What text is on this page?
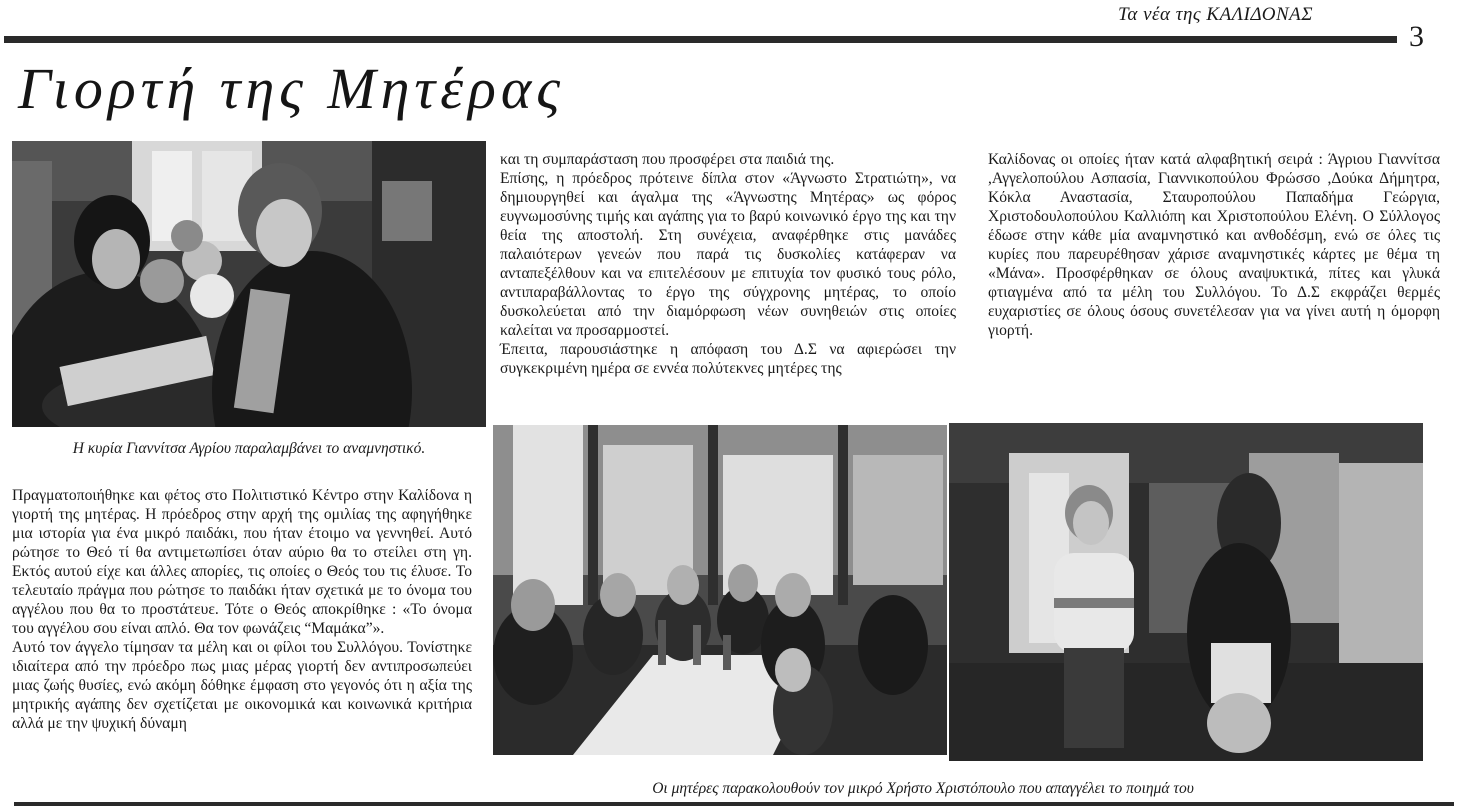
Τα νέα της ΚΑΛΙΔΟΝΑΣ
3
Γιορτή της Μητέρας
Η κυρία Γιαννίτσα Αγρίου παραλαμβάνει το αναμνηστικό.

Πραγματοποιήθηκε και φέτος στο Πολιτιστικό Κέντρο στην Καλίδονα η γιορτή της μητέρας. Η πρόεδρος στην αρχή της ομιλίας της αφηγήθηκε μια ιστορία για ένα μικρό παιδάκι, που ήταν έτοιμο να γεννηθεί. Αυτό ρώτησε το Θεό τί θα αντιμετωπίσει όταν αύριο θα το στείλει στη γη. Εκτός αυτού είχε και άλλες απορίες, τις οποίες ο Θεός του τις έλυσε. Το τελευταίο πράγμα που ρώτησε το παιδάκι ήταν σχετικά με το όνομα του αγγέλου που θα το προστάτευε. Τότε ο Θεός αποκρίθηκε : «Το όνομα του αγγέλου σου είναι απλό. Θα τον φωνάζεις “Μαμάκα”».

Αυτό τον άγγελο τίμησαν τα μέλη και οι φίλοι του Συλλόγου. Τονίστηκε ιδιαίτερα από την πρόεδρο πως μιας μέρας γιορτή δεν αντιπροσωπεύει μιας ζωής θυσίες, ενώ ακόμη δόθηκε έμφαση στο γεγονός ότι η αξία της μητρικής αγάπης δεν σχετίζεται με οικονομικά και κοινωνικά κριτήρια αλλά με την ψυχική δύναμη

και τη συμπαράσταση που προσφέρει στα παιδιά της.

Επίσης, η πρόεδρος πρότεινε δίπλα στον «Άγνωστο Στρατιώτη», να δημιουργηθεί και άγαλμα της «Άγνωστης Μητέρας» ως φόρος ευγνωμοσύνης τιμής και αγάπης για το βαρύ κοινωνικό έργο της και την θεία της αποστολή. Στη συνέχεια, αναφέρθηκε στις μανάδες παλαιότερων γενεών που παρά τις δυσκολίες κατάφεραν να ανταπεξέλθουν και να επιτελέσουν με επιτυχία τον φυσικό τους ρόλο, αντιπαραβάλλοντας το έργο της σύγχρονης μητέρας, το οποίο δυσκολεύεται από την διαμόρφωση νέων συνηθειών στις οποίες καλείται να προσαρμοστεί.

Έπειτα, παρουσιάστηκε η απόφαση του Δ.Σ να αφιερώσει την συγκεκριμένη ημέρα σε εννέα πολύτεκνες μητέρες της

Καλίδονας οι οποίες ήταν κατά αλφαβητική σειρά : Άγριου Γιαννίτσα ,Αγγελοπούλου Ασπασία, Γιαννικοπούλου Φρώσσο ,Δούκα Δήμητρα, Κόκλα Αναστασία, Σταυροπούλου Παπαδήμα Γεώργια, Χριστοδουλοπούλου Καλλιόπη και Χριστοπούλου Ελένη. Ο Σύλλογος έδωσε στην κάθε μία αναμνηστικό και ανθοδέσμη, ενώ σε όλες τις κυρίες που παρευρέθησαν χάρισε αναμνηστικές κάρτες με θέμα τη «Μάνα». Προσφέρθηκαν σε όλους αναψυκτικά, πίτες και γλυκά φτιαγμένα από τα μέλη του Συλλόγου. Το Δ.Σ εκφράζει θερμές ευχαριστίες σε όλους όσους συνετέλεσαν για να γίνει αυτή η όμορφη γιορτή.

Οι μητέρες παρακολουθούν τον μικρό Χρήστο Χριστόπουλο που απαγγέλει το ποιημά του
